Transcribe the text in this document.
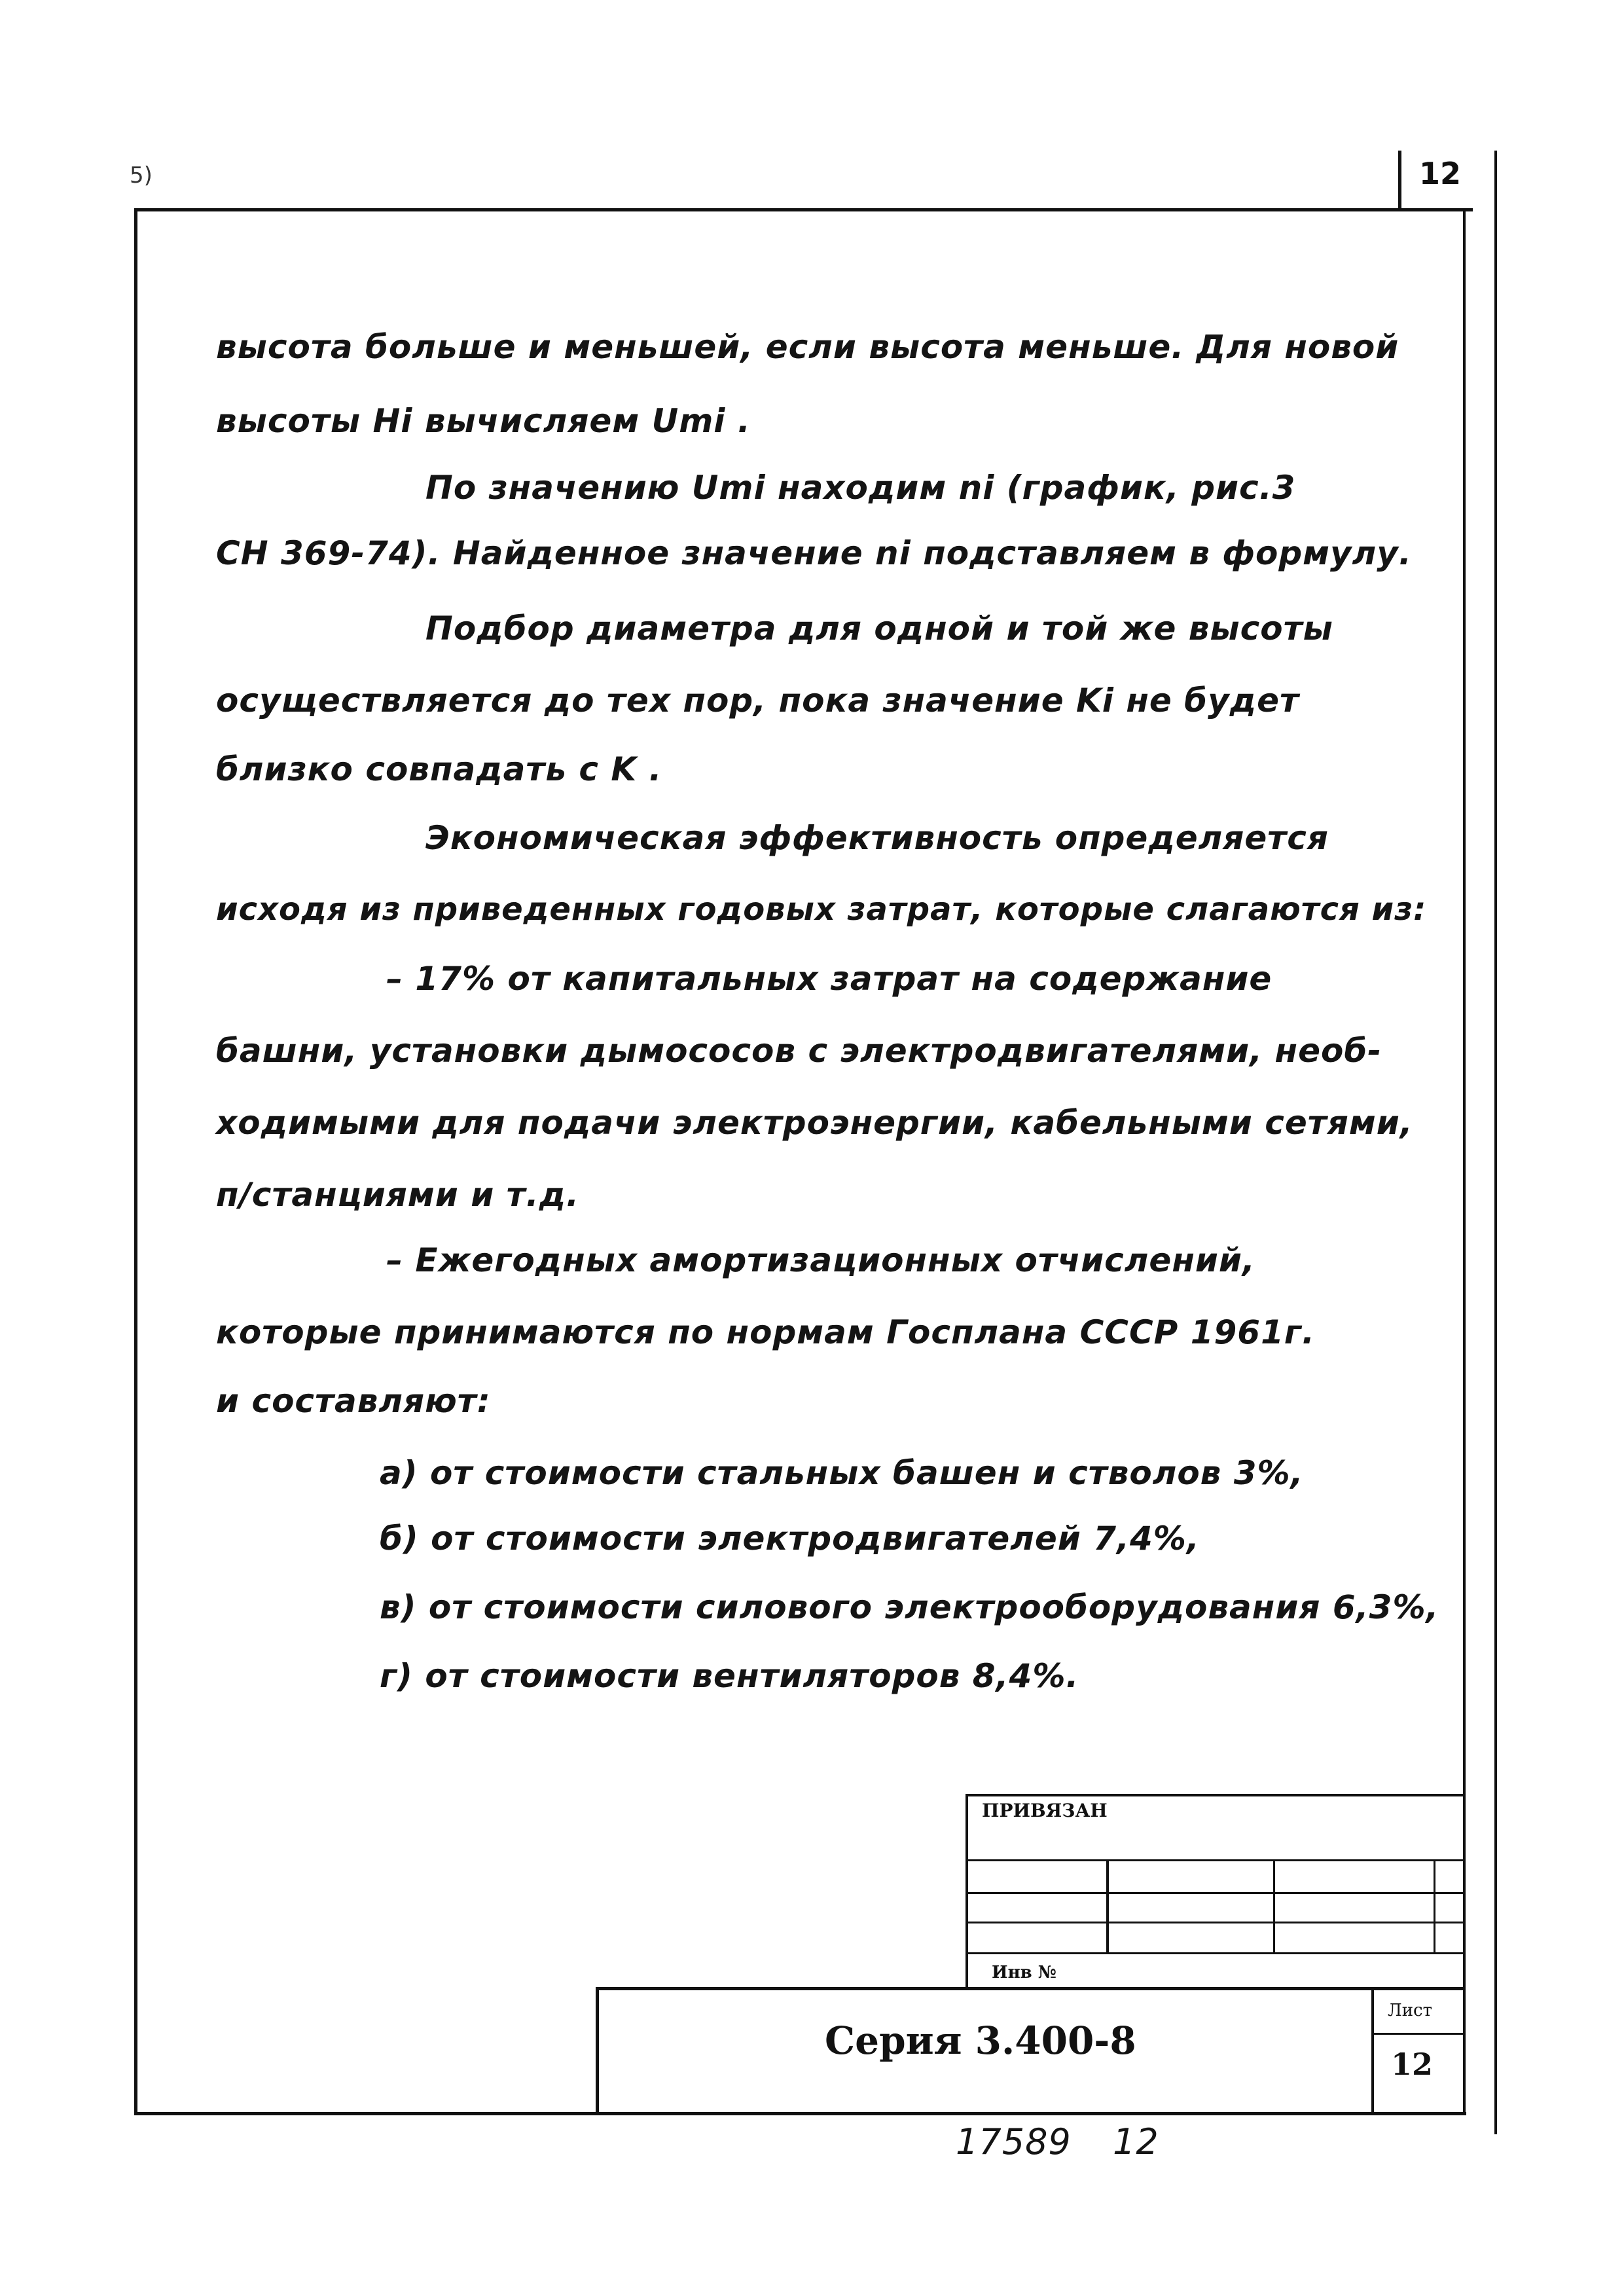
5)	12
высота больше и меньшей, если высота меньше. Для новой
высоты Hi вычисляем Umi .
По значению Umi находим ni (график, рис.3
CH 369-74). Найденное значение ni подставляем в формулу.
Подбор диаметра для одной и той же высоты
осуществляется до тех пор, пока значение Ki не будет
близко совпадать с K .
Экономическая эффективность определяется
исходя из приведенных годовых затрат, которые слагаются из:
– 17% от капитальных затрат на содержание
башни, установки дымососов с электродвигателями, необ-
ходимыми для подачи электроэнергии, кабельными сетями,
п/станциями и т.д.
– Ежегодных амортизационных отчислений,
которые принимаются по нормам Госплана СССР 1961г.
и составляют:
а) от стоимости стальных башен и стволов 3%,
б) от стоимости электродвигателей 7,4%,
в) от стоимости силового электрооборудования 6,3%,
г) от стоимости вентиляторов 8,4%.
ПРИВЯЗАН
Инв №
Серия 3.400-8
Лист
12
17589 12
